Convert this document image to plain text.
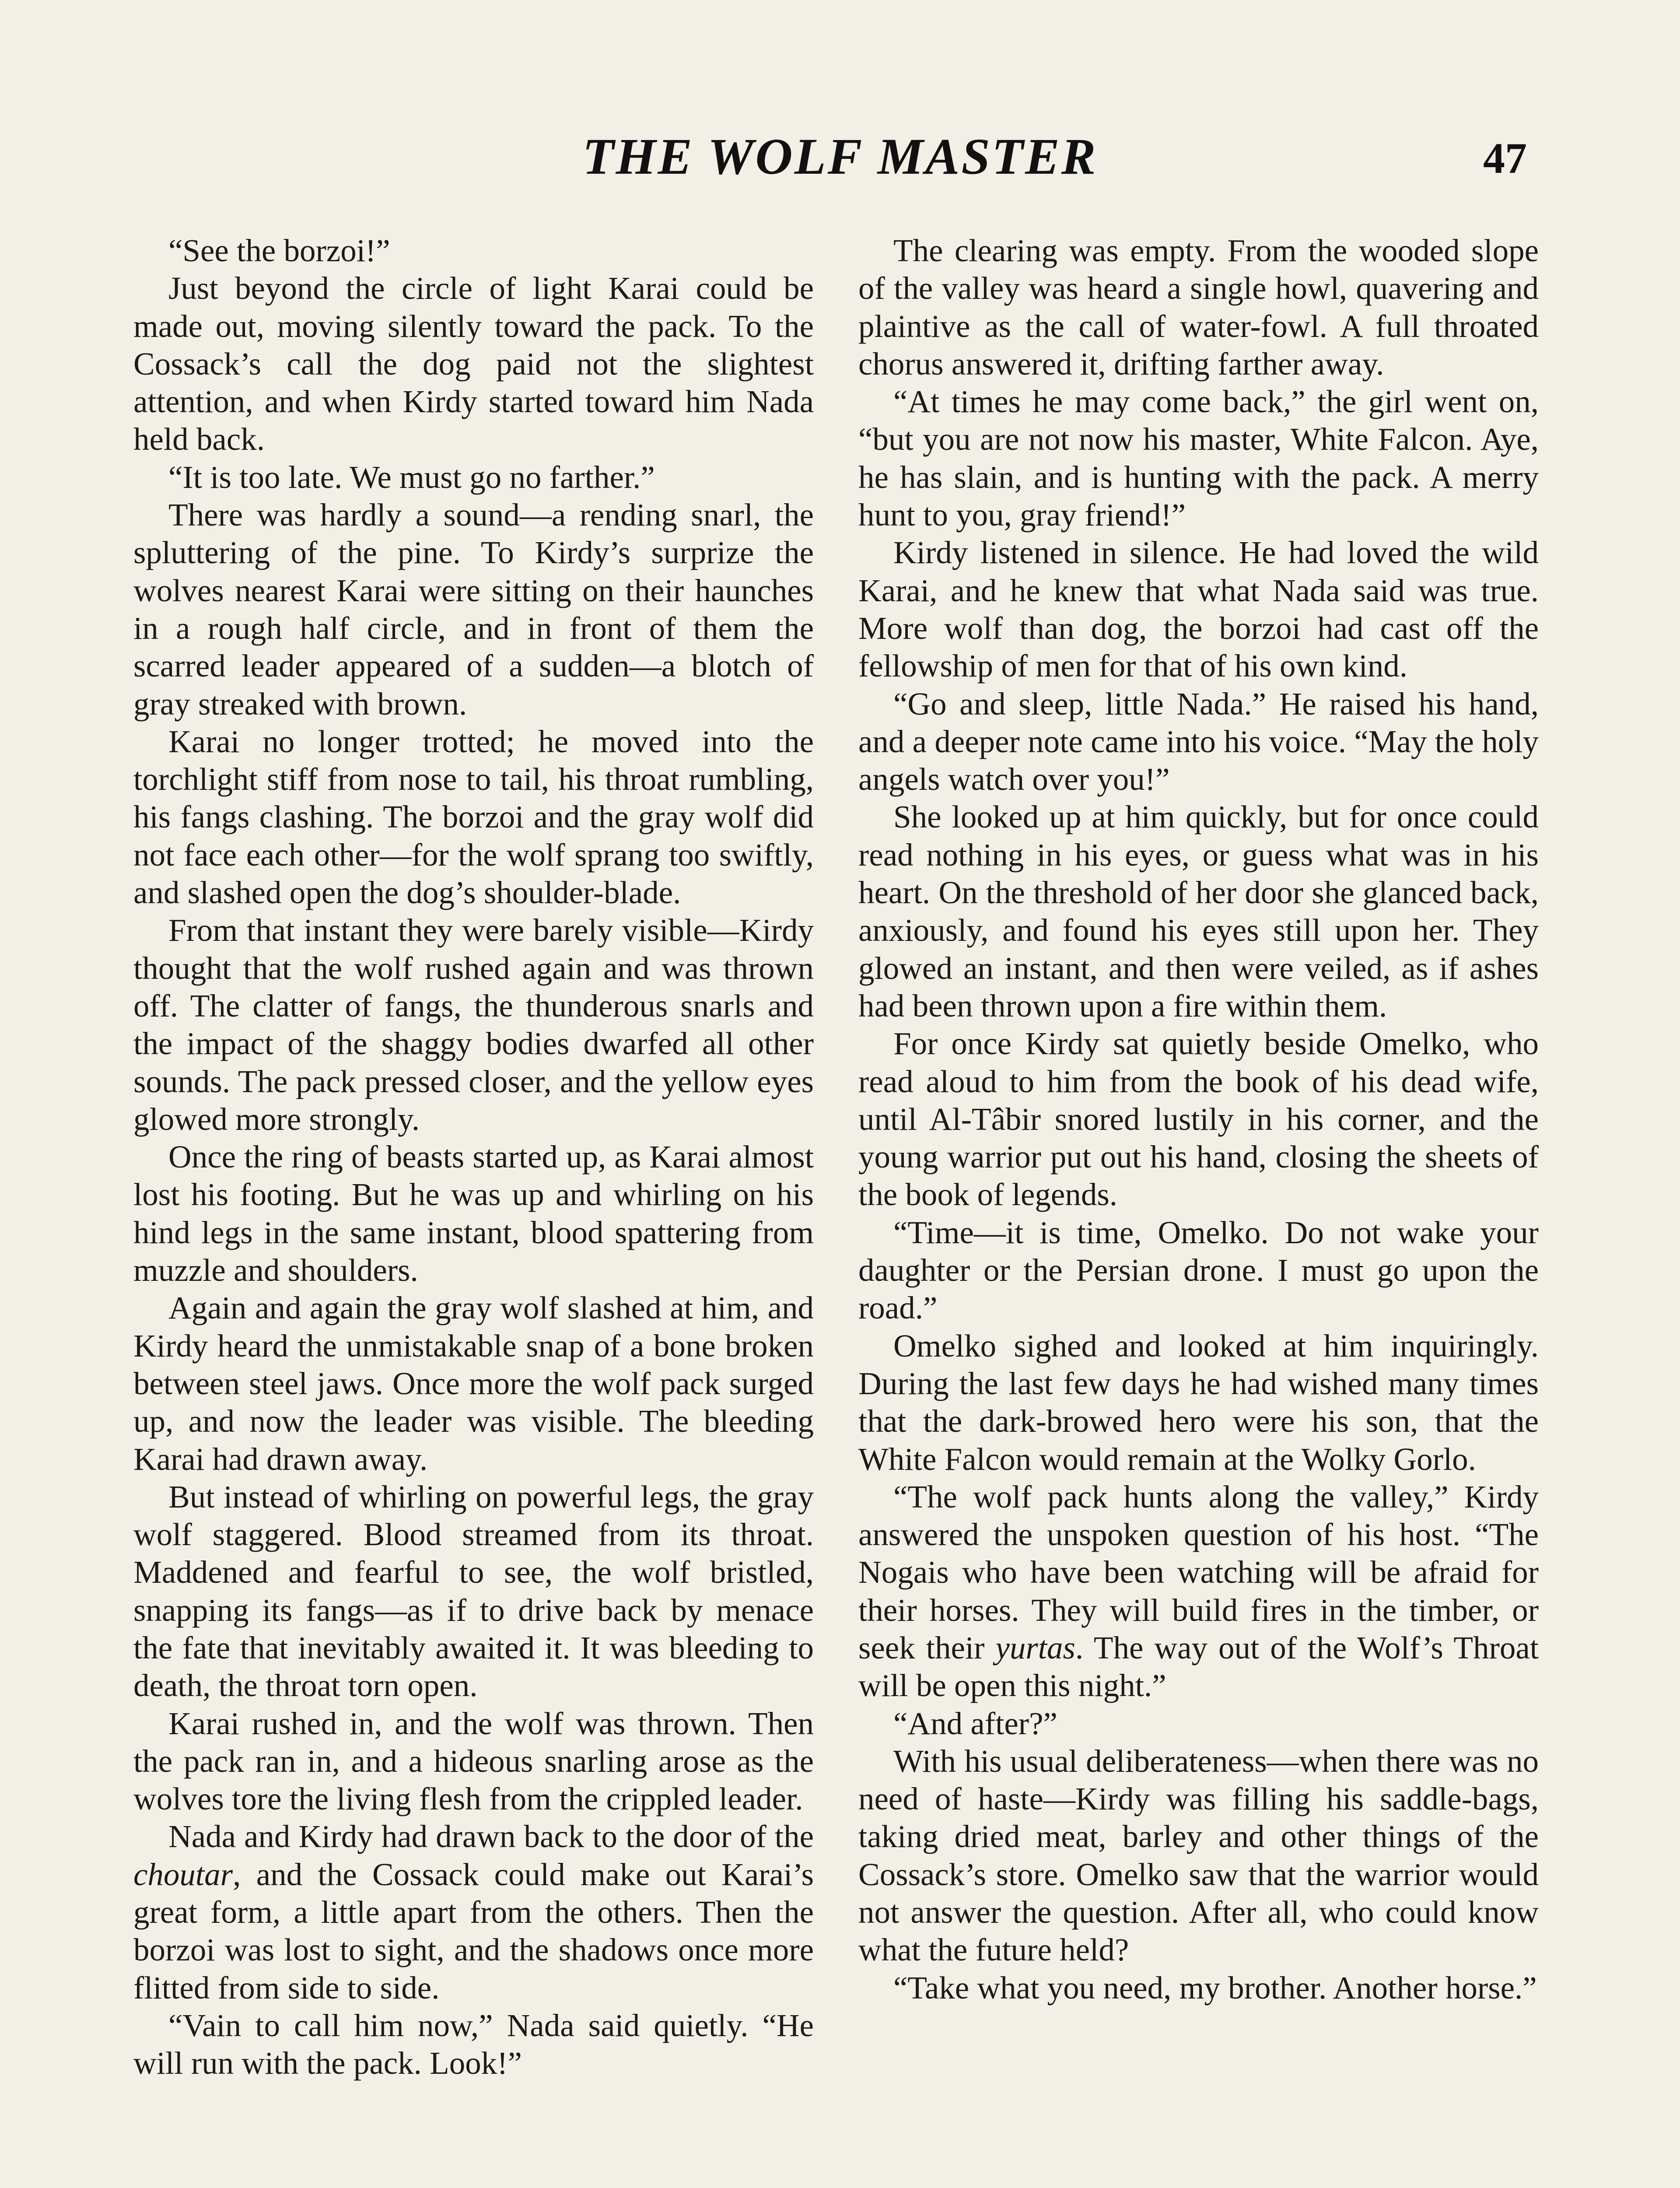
THE WOLF MASTER	47

“See the borzoi!”

Just beyond the circle of light Karai could be made out, moving silently toward the pack. To the Cossack’s call the dog paid not the slightest attention, and when Kirdy started toward him Nada held back.

“It is too late. We must go no farther.”

There was hardly a sound—a rending snarl, the spluttering of the pine. To Kirdy’s surprize the wolves nearest Karai were sitting on their haunches in a rough half circle, and in front of them the scarred leader appeared of a sudden—a blotch of gray streaked with brown.

Karai no longer trotted; he moved into the torchlight stiff from nose to tail, his throat rumbling, his fangs clashing. The borzoi and the gray wolf did not face each other—for the wolf sprang too swiftly, and slashed open the dog’s shoulder-blade.

From that instant they were barely visible—Kirdy thought that the wolf rushed again and was thrown off. The clatter of fangs, the thunderous snarls and the impact of the shaggy bodies dwarfed all other sounds. The pack pressed closer, and the yellow eyes glowed more strongly.

Once the ring of beasts started up, as Karai almost lost his footing. But he was up and whirling on his hind legs in the same instant, blood spattering from muzzle and shoulders.

Again and again the gray wolf slashed at him, and Kirdy heard the unmistakable snap of a bone broken between steel jaws. Once more the wolf pack surged up, and now the leader was visible. The bleeding Karai had drawn away.

But instead of whirling on powerful legs, the gray wolf staggered. Blood streamed from its throat. Maddened and fearful to see, the wolf bristled, snapping its fangs—as if to drive back by menace the fate that inevitably awaited it. It was bleeding to death, the throat torn open.

Karai rushed in, and the wolf was thrown. Then the pack ran in, and a hideous snarling arose as the wolves tore the living flesh from the crippled leader.

Nada and Kirdy had drawn back to the door of the choutar, and the Cossack could make out Karai’s great form, a little apart from the others. Then the borzoi was lost to sight, and the shadows once more flitted from side to side.

“Vain to call him now,” Nada said quietly. “He will run with the pack. Look!”

The clearing was empty. From the wooded slope of the valley was heard a single howl, quavering and plaintive as the call of water-fowl. A full throated chorus answered it, drifting farther away.

“At times he may come back,” the girl went on, “but you are not now his master, White Falcon. Aye, he has slain, and is hunting with the pack. A merry hunt to you, gray friend!”

Kirdy listened in silence. He had loved the wild Karai, and he knew that what Nada said was true. More wolf than dog, the borzoi had cast off the fellowship of men for that of his own kind.

“Go and sleep, little Nada.” He raised his hand, and a deeper note came into his voice. “May the holy angels watch over you!”

She looked up at him quickly, but for once could read nothing in his eyes, or guess what was in his heart. On the threshold of her door she glanced back, anxiously, and found his eyes still upon her. They glowed an instant, and then were veiled, as if ashes had been thrown upon a fire within them.

For once Kirdy sat quietly beside Omelko, who read aloud to him from the book of his dead wife, until Al-Tâbir snored lustily in his corner, and the young warrior put out his hand, closing the sheets of the book of legends.

“Time—it is time, Omelko. Do not wake your daughter or the Persian drone. I must go upon the road.”

Omelko sighed and looked at him inquiringly. During the last few days he had wished many times that the dark-browed hero were his son, that the White Falcon would remain at the Wolky Gorlo.

“The wolf pack hunts along the valley,” Kirdy answered the unspoken question of his host. “The Nogais who have been watching will be afraid for their horses. They will build fires in the timber, or seek their yurtas. The way out of the Wolf’s Throat will be open this night.”

“And after?”

With his usual deliberateness—when there was no need of haste—Kirdy was filling his saddle-bags, taking dried meat, barley and other things of the Cossack’s store. Omelko saw that the warrior would not answer the question. After all, who could know what the future held?

“Take what you need, my brother. Another horse.”
